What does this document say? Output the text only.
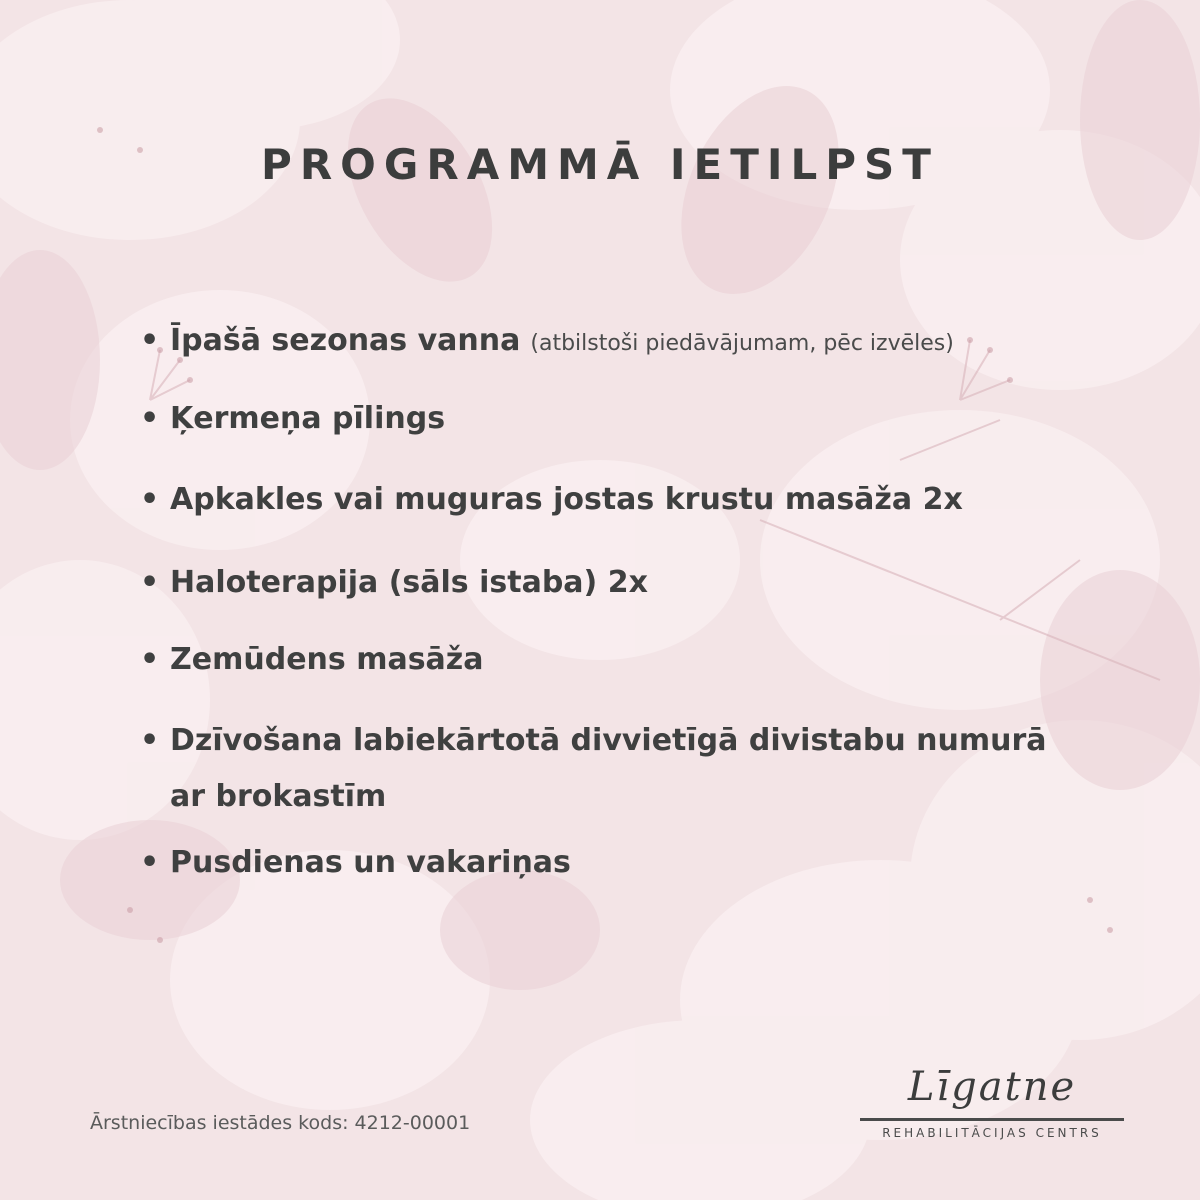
PROGRAMMĀ IETILPST
• Īpašā sezonas vanna (atbilstoši piedāvājumam, pēc izvēles)
• Ķermeņa pīlings
• Apkakles vai muguras jostas krustu masāža 2x
• Haloterapija (sāls istaba) 2x
• Zemūdens masāža
• Dzīvošana labiekārtotā divvietīgā divistabu numurā
ar brokastīm
• Pusdienas un vakariņas
Ārstniecības iestādes kods: 4212-00001
Līgatne
REHABILITĀCIJAS CENTRS
